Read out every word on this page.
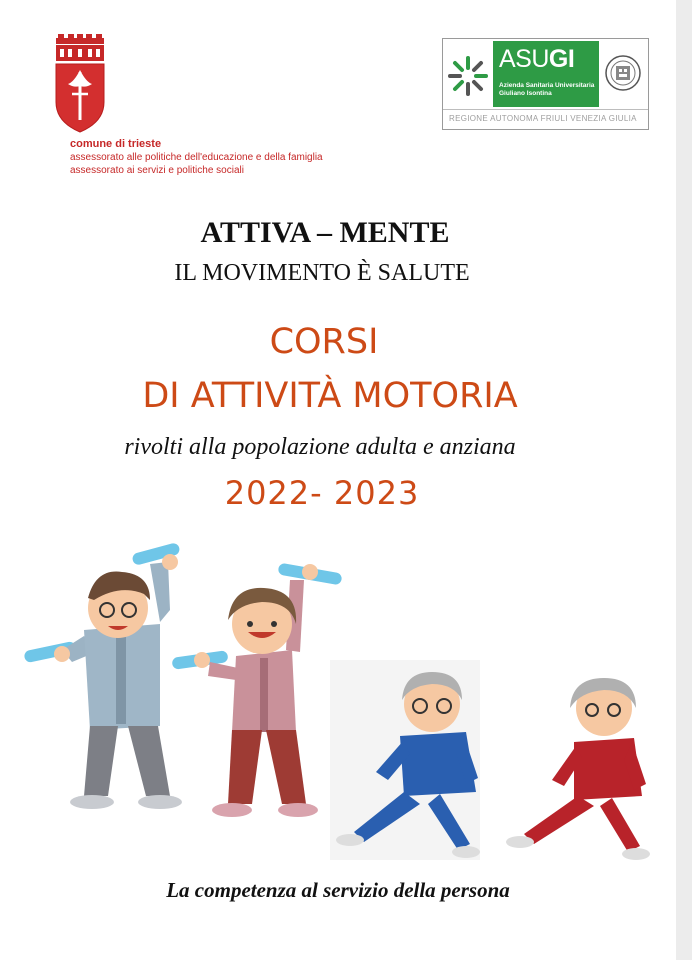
comune di trieste
assessorato alle politiche dell'educazione e della famiglia
assessorato ai servizi e politiche sociali
ASUGI
Azienda Sanitaria Universitaria
Giuliano Isontina
REGIONE AUTONOMA FRIULI VENEZIA GIULIA
ATTIVA – MENTE
IL MOVIMENTO È SALUTE
CORSI
DI ATTIVITÀ MOTORIA
rivolti alla popolazione adulta e anziana
2022- 2023
La competenza al servizio della persona
